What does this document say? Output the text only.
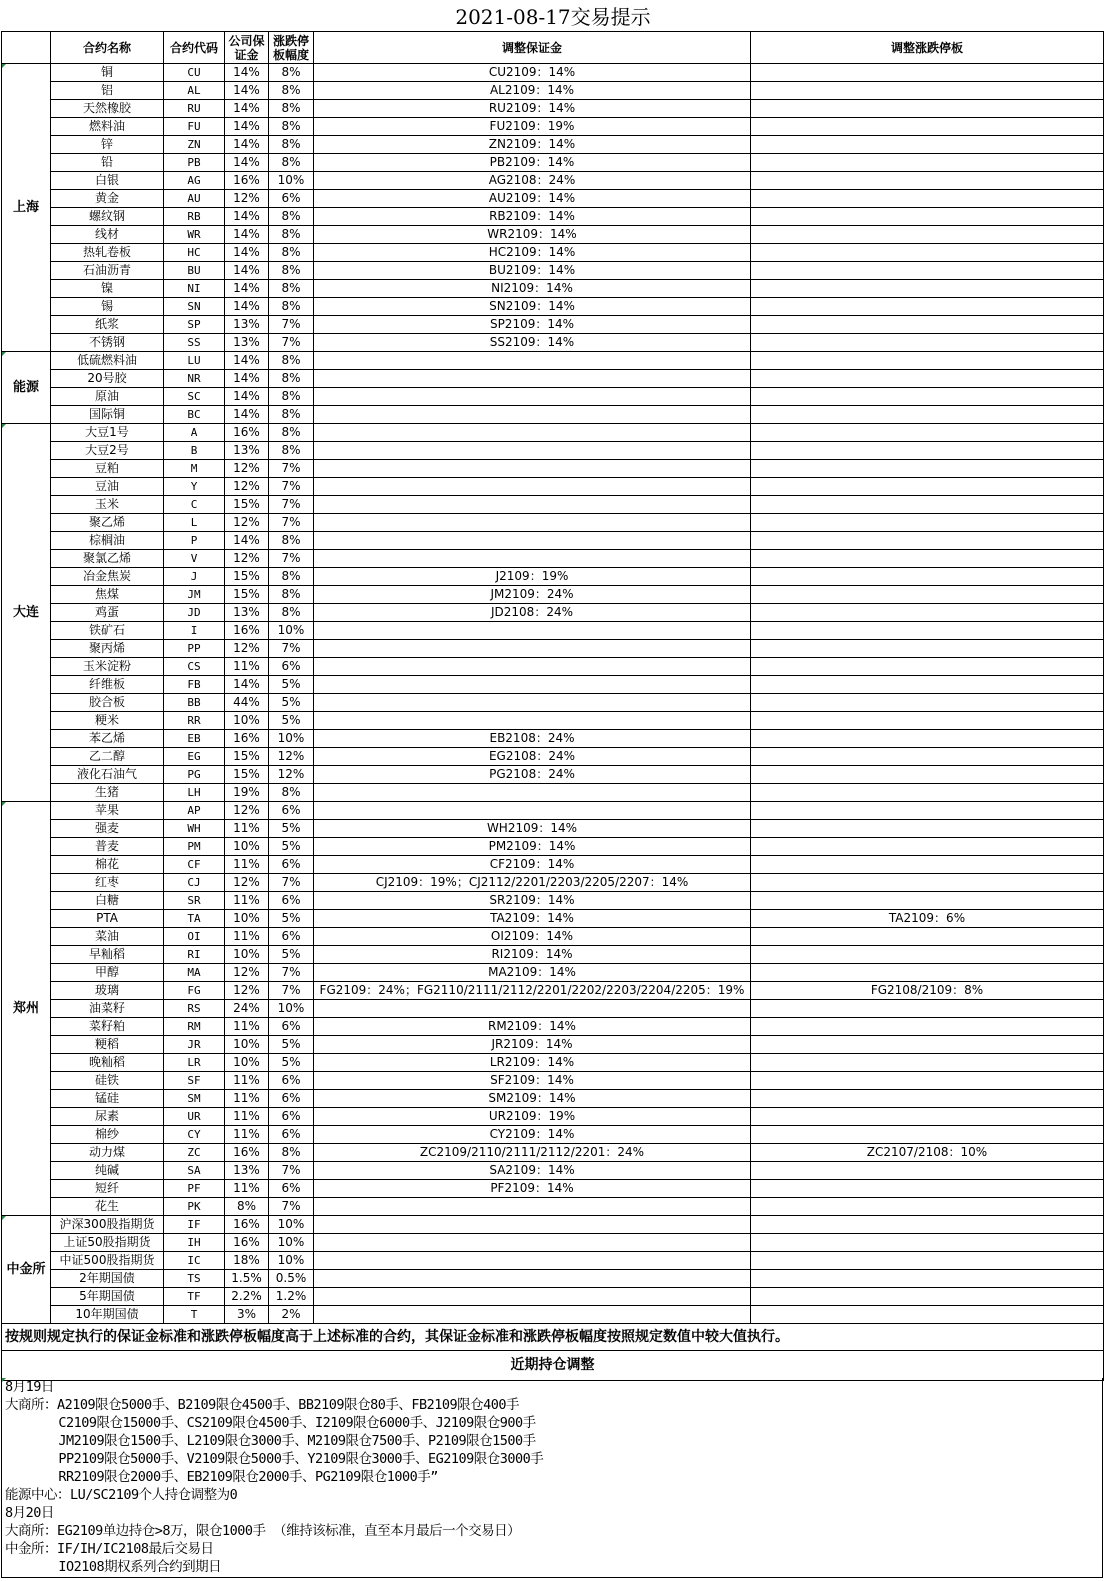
2021-08-17交易提示
	合约名称	合约代码	公司保证金	涨跌停板幅度	调整保证金	调整涨跌停板
上海	铜	CU	14%	8%	CU2109：14%	
	铝	AL	14%	8%	AL2109：14%	
	天然橡胶	RU	14%	8%	RU2109：14%	
	燃料油	FU	14%	8%	FU2109：19%	
	锌	ZN	14%	8%	ZN2109：14%	
	铅	PB	14%	8%	PB2109：14%	
	白银	AG	16%	10%	AG2108：24%	
	黄金	AU	12%	6%	AU2109：14%	
	螺纹钢	RB	14%	8%	RB2109：14%	
	线材	WR	14%	8%	WR2109：14%	
	热轧卷板	HC	14%	8%	HC2109：14%	
	石油沥青	BU	14%	8%	BU2109：14%	
	镍	NI	14%	8%	NI2109：14%	
	锡	SN	14%	8%	SN2109：14%	
	纸浆	SP	13%	7%	SP2109：14%	
	不锈钢	SS	13%	7%	SS2109：14%	
能源	低硫燃料油	LU	14%	8%		
	20号胶	NR	14%	8%		
	原油	SC	14%	8%		
	国际铜	BC	14%	8%		
大连	大豆1号	A	16%	8%		
	大豆2号	B	13%	8%		
	豆粕	M	12%	7%		
	豆油	Y	12%	7%		
	玉米	C	15%	7%		
	聚乙烯	L	12%	7%		
	棕榈油	P	14%	8%		
	聚氯乙烯	V	12%	7%		
	冶金焦炭	J	15%	8%	J2109：19%	
	焦煤	JM	15%	8%	JM2109：24%	
	鸡蛋	JD	13%	8%	JD2108：24%	
	铁矿石	I	16%	10%		
	聚丙烯	PP	12%	7%		
	玉米淀粉	CS	11%	6%		
	纤维板	FB	14%	5%		
	胶合板	BB	44%	5%		
	粳米	RR	10%	5%		
	苯乙烯	EB	16%	10%	EB2108：24%	
	乙二醇	EG	15%	12%	EG2108：24%	
	液化石油气	PG	15%	12%	PG2108：24%	
	生猪	LH	19%	8%		
郑州	苹果	AP	12%	6%		
	强麦	WH	11%	5%	WH2109：14%	
	普麦	PM	10%	5%	PM2109：14%	
	棉花	CF	11%	6%	CF2109：14%	
	红枣	CJ	12%	7%	CJ2109：19%；CJ2112/2201/2203/2205/2207：14%	
	白糖	SR	11%	6%	SR2109：14%	
	PTA	TA	10%	5%	TA2109：14%	TA2109：6%
	菜油	OI	11%	6%	OI2109：14%	
	早籼稻	RI	10%	5%	RI2109：14%	
	甲醇	MA	12%	7%	MA2109：14%	
	玻璃	FG	12%	7%	FG2109：24%；FG2110/2111/2112/2201/2202/2203/2204/2205：19%	FG2108/2109：8%
	油菜籽	RS	24%	10%		
	菜籽粕	RM	11%	6%	RM2109：14%	
	粳稻	JR	10%	5%	JR2109：14%	
	晚籼稻	LR	10%	5%	LR2109：14%	
	硅铁	SF	11%	6%	SF2109：14%	
	锰硅	SM	11%	6%	SM2109：14%	
	尿素	UR	11%	6%	UR2109：19%	
	棉纱	CY	11%	6%	CY2109：14%	
	动力煤	ZC	16%	8%	ZC2109/2110/2111/2112/2201：24%	ZC2107/2108：10%
	纯碱	SA	13%	7%	SA2109：14%	
	短纤	PF	11%	6%	PF2109：14%	
	花生	PK	8%	7%		
中金所	沪深300股指期货	IF	16%	10%		
	上证50股指期货	IH	16%	10%		
	中证500股指期货	IC	18%	10%		
	2年期国债	TS	1.5%	0.5%		
	5年期国债	TF	2.2%	1.2%		
	10年期国债	T	3%	2%		
按规则规定执行的保证金标准和涨跌停板幅度高于上述标准的合约，其保证金标准和涨跌停板幅度按照规定数值中较大值执行。						
近期持仓调整						
8月19日
大商所：A2109限仓5000手、B2109限仓4500手、BB2109限仓80手、FB2109限仓400手
C2109限仓15000手、CS2109限仓4500手、I2109限仓6000手、J2109限仓900手
JM2109限仓1500手、L2109限仓3000手、M2109限仓7500手、P2109限仓1500手
PP2109限仓5000手、V2109限仓5000手、Y2109限仓3000手、EG2109限仓3000手
RR2109限仓2000手、EB2109限仓2000手、PG2109限仓1000手”
能源中心：LU/SC2109个人持仓调整为0
8月20日
大商所：EG2109单边持仓>8万，限仓1000手 （维持该标准，直至本月最后一个交易日）
中金所：IF/IH/IC2108最后交易日
IO2108期权系列合约到期日
